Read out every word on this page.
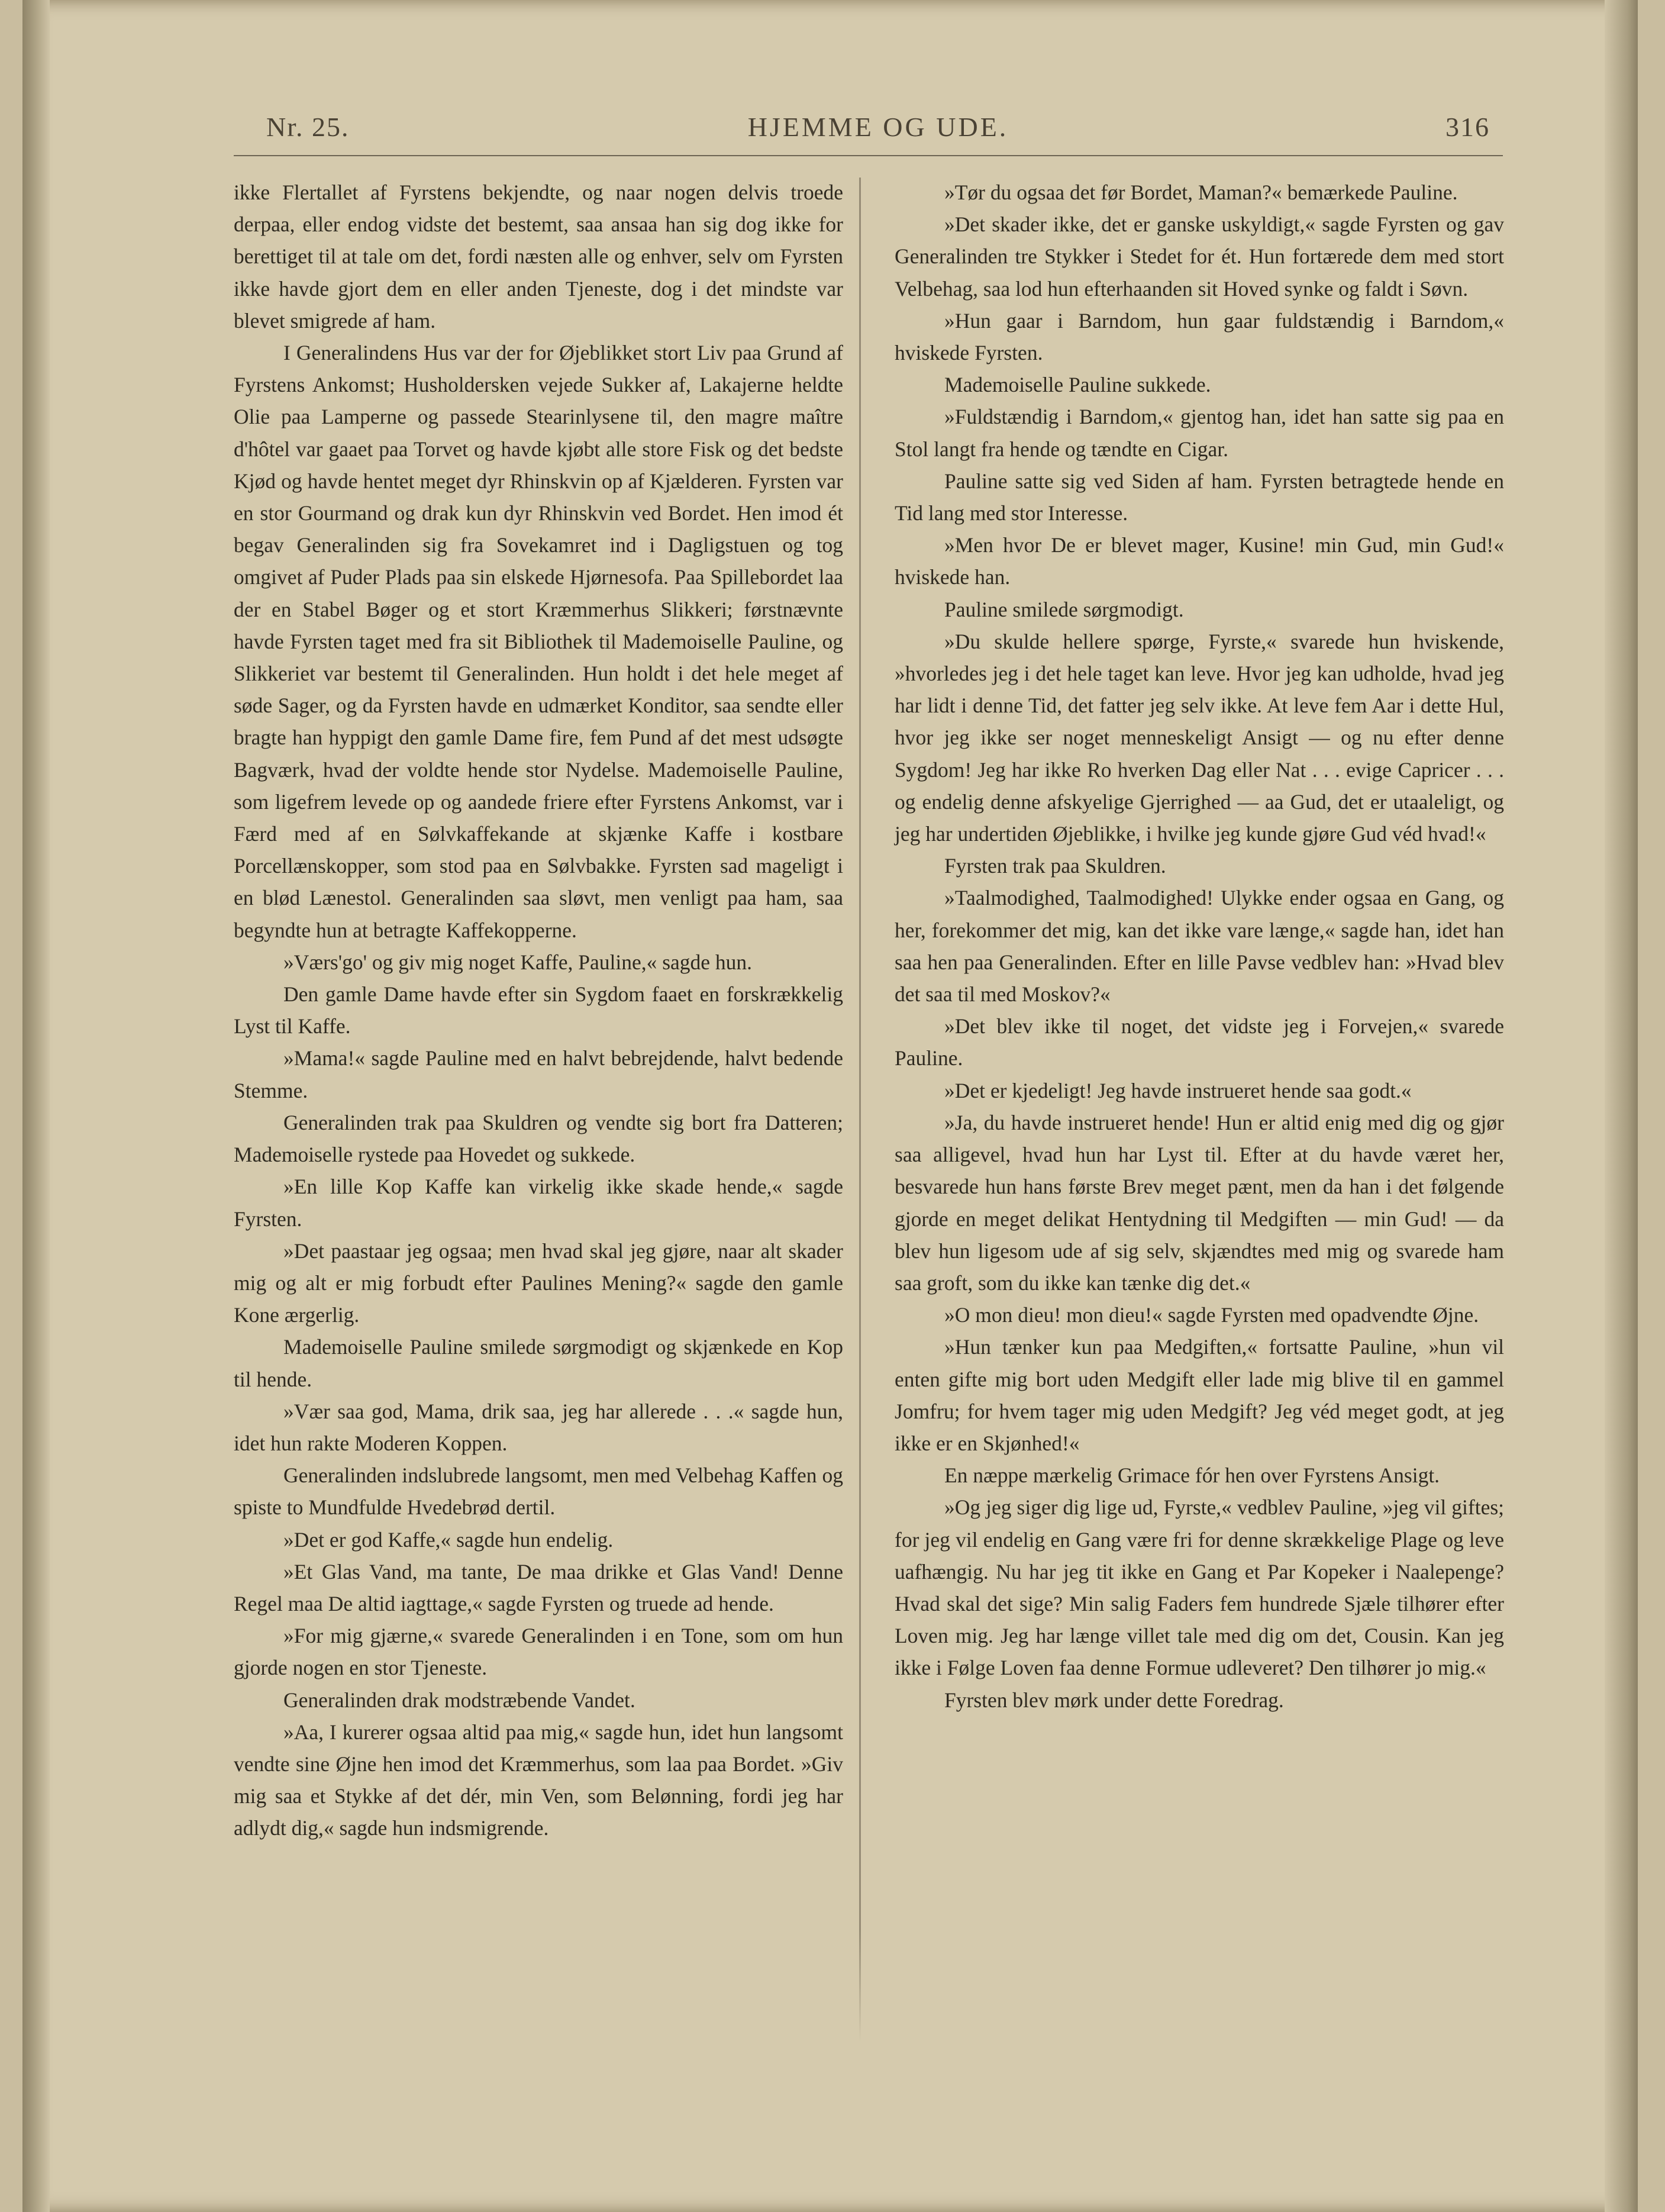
Nr. 25.	HJEMME OG UDE.	316

ikke Flertallet af Fyrstens bekjendte, og naar nogen delvis troede derpaa, eller endog vidste det bestemt, saa ansaa han sig dog ikke for berettiget til at tale om det, fordi næsten alle og enhver, selv om Fyrsten ikke havde gjort dem en eller anden Tjeneste, dog i det mindste var blevet smigrede af ham.

I Generalindens Hus var der for Øjeblikket stort Liv paa Grund af Fyrstens Ankomst; Husholdersken vejede Sukker af, Lakajerne heldte Olie paa Lamperne og passede Stearinlysene til, den magre maître d'hôtel var gaaet paa Torvet og havde kjøbt alle store Fisk og det bedste Kjød og havde hentet meget dyr Rhinskvin op af Kjælderen. Fyrsten var en stor Gourmand og drak kun dyr Rhinskvin ved Bordet. Hen imod ét begav Generalinden sig fra Sovekamret ind i Dagligstuen og tog omgivet af Puder Plads paa sin elskede Hjørnesofa. Paa Spillebordet laa der en Stabel Bøger og et stort Kræmmerhus Slikkeri; førstnævnte havde Fyrsten taget med fra sit Bibliothek til Mademoiselle Pauline, og Slikkeriet var bestemt til Generalinden. Hun holdt i det hele meget af søde Sager, og da Fyrsten havde en udmærket Konditor, saa sendte eller bragte han hyppigt den gamle Dame fire, fem Pund af det mest udsøgte Bagværk, hvad der voldte hende stor Nydelse. Mademoiselle Pauline, som ligefrem levede op og aandede friere efter Fyrstens Ankomst, var i Færd med af en Sølvkaffekande at skjænke Kaffe i kostbare Porcellænskopper, som stod paa en Sølvbakke. Fyrsten sad mageligt i en blød Lænestol. Generalinden saa sløvt, men venligt paa ham, saa begyndte hun at betragte Kaffekopperne.

»Værs'go' og giv mig noget Kaffe, Pauline,« sagde hun.

Den gamle Dame havde efter sin Sygdom faaet en forskrækkelig Lyst til Kaffe.

»Mama!« sagde Pauline med en halvt bebrejdende, halvt bedende Stemme.

Generalinden trak paa Skuldren og vendte sig bort fra Datteren; Mademoiselle rystede paa Hovedet og sukkede.

»En lille Kop Kaffe kan virkelig ikke skade hende,« sagde Fyrsten.

»Det paastaar jeg ogsaa; men hvad skal jeg gjøre, naar alt skader mig og alt er mig forbudt efter Paulines Mening?« sagde den gamle Kone ærgerlig.

Mademoiselle Pauline smilede sørgmodigt og skjænkede en Kop til hende.

»Vær saa god, Mama, drik saa, jeg har allerede . . .« sagde hun, idet hun rakte Moderen Koppen.

Generalinden indslubrede langsomt, men med Velbehag Kaffen og spiste to Mundfulde Hvedebrød dertil.

»Det er god Kaffe,« sagde hun endelig.

»Et Glas Vand, ma tante, De maa drikke et Glas Vand! Denne Regel maa De altid iagttage,« sagde Fyrsten og truede ad hende.

»For mig gjærne,« svarede Generalinden i en Tone, som om hun gjorde nogen en stor Tjeneste.

Generalinden drak modstræbende Vandet.

»Aa, I kurerer ogsaa altid paa mig,« sagde hun, idet hun langsomt vendte sine Øjne hen imod det Kræmmerhus, som laa paa Bordet. »Giv mig saa et Stykke af det dér, min Ven, som Belønning, fordi jeg har adlydt dig,« sagde hun indsmigrende.

»Tør du ogsaa det før Bordet, Maman?« bemærkede Pauline.

»Det skader ikke, det er ganske uskyldigt,« sagde Fyrsten og gav Generalinden tre Stykker i Stedet for ét. Hun fortærede dem med stort Velbehag, saa lod hun efterhaanden sit Hoved synke og faldt i Søvn.

»Hun gaar i Barndom, hun gaar fuldstændig i Barndom,« hviskede Fyrsten.

Mademoiselle Pauline sukkede.

»Fuldstændig i Barndom,« gjentog han, idet han satte sig paa en Stol langt fra hende og tændte en Cigar.

Pauline satte sig ved Siden af ham. Fyrsten betragtede hende en Tid lang med stor Interesse.

»Men hvor De er blevet mager, Kusine! min Gud, min Gud!« hviskede han.

Pauline smilede sørgmodigt.

»Du skulde hellere spørge, Fyrste,« svarede hun hviskende, »hvorledes jeg i det hele taget kan leve. Hvor jeg kan udholde, hvad jeg har lidt i denne Tid, det fatter jeg selv ikke. At leve fem Aar i dette Hul, hvor jeg ikke ser noget menneskeligt Ansigt — og nu efter denne Sygdom! Jeg har ikke Ro hverken Dag eller Nat . . . evige Capricer . . . og endelig denne afskyelige Gjerrighed — aa Gud, det er utaaleligt, og jeg har undertiden Øjeblikke, i hvilke jeg kunde gjøre Gud véd hvad!«

Fyrsten trak paa Skuldren.

»Taalmodighed, Taalmodighed! Ulykke ender ogsaa en Gang, og her, forekommer det mig, kan det ikke vare længe,« sagde han, idet han saa hen paa Generalinden. Efter en lille Pavse vedblev han: »Hvad blev det saa til med Moskov?«

»Det blev ikke til noget, det vidste jeg i Forvejen,« svarede Pauline.

»Det er kjedeligt! Jeg havde instrueret hende saa godt.«

»Ja, du havde instrueret hende! Hun er altid enig med dig og gjør saa alligevel, hvad hun har Lyst til. Efter at du havde været her, besvarede hun hans første Brev meget pænt, men da han i det følgende gjorde en meget delikat Hentydning til Medgiften — min Gud! — da blev hun ligesom ude af sig selv, skjændtes med mig og svarede ham saa groft, som du ikke kan tænke dig det.«

»O mon dieu! mon dieu!« sagde Fyrsten med opadvendte Øjne.

»Hun tænker kun paa Medgiften,« fortsatte Pauline, »hun vil enten gifte mig bort uden Medgift eller lade mig blive til en gammel Jomfru; for hvem tager mig uden Medgift? Jeg véd meget godt, at jeg ikke er en Skjønhed!«

En næppe mærkelig Grimace fór hen over Fyrstens Ansigt.

»Og jeg siger dig lige ud, Fyrste,« vedblev Pauline, »jeg vil giftes; for jeg vil endelig en Gang være fri for denne skrækkelige Plage og leve uafhængig. Nu har jeg tit ikke en Gang et Par Kopeker i Naalepenge? Hvad skal det sige? Min salig Faders fem hundrede Sjæle tilhører efter Loven mig. Jeg har længe villet tale med dig om det, Cousin. Kan jeg ikke i Følge Loven faa denne Formue udleveret? Den tilhører jo mig.«

Fyrsten blev mørk under dette Foredrag.
